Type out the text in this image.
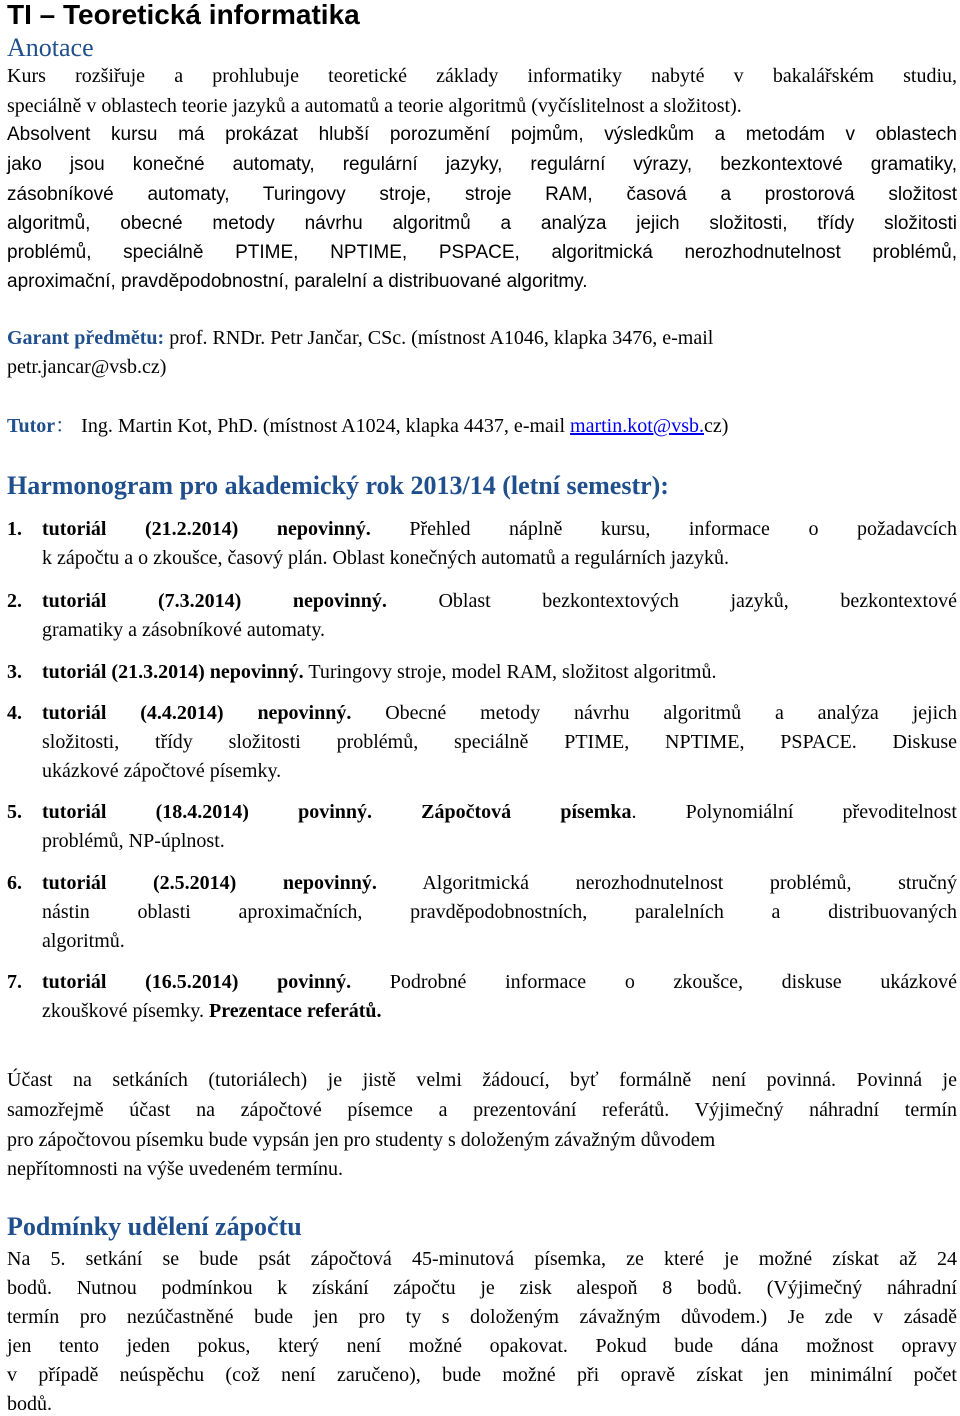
TI – Teoretická informatika

Anotace

Kurs rozšiřuje a prohlubuje teoretické základy informatiky nabyté v bakalářském studiu,

speciálně v oblastech teorie jazyků a automatů a teorie algoritmů (vyčíslitelnost a složitost).

Absolvent kursu má prokázat hlubší porozumění pojmům, výsledkům a metodám v oblastech

jako jsou konečné automaty, regulární jazyky, regulární výrazy, bezkontextové gramatiky,

zásobníkové automaty, Turingovy stroje, stroje RAM, časová a prostorová složitost

algoritmů, obecné metody návrhu algoritmů a analýza jejich složitosti, třídy složitosti

problémů, speciálně PTIME, NPTIME, PSPACE, algoritmická nerozhodnutelnost problémů,

aproximační, pravděpodobnostní, paralelní a distribuované algoritmy.

Garant předmětu: prof. RNDr. Petr Jančar, CSc. (místnost A1046, klapka 3476, e-mail

petr.jancar@vsb.cz)

Tutor： Ing. Martin Kot, PhD. (místnost A1024, klapka 4437, e-mail martin.kot@vsb.cz)

Harmonogram pro akademický rok 2013/14 (letní semestr):

1. tutoriál (21.2.2014) nepovinný. Přehled náplně kursu, informace o požadavcích

k zápočtu a o zkoušce, časový plán. Oblast konečných automatů a regulárních jazyků.

2. tutoriál (7.3.2014) nepovinný. Oblast bezkontextových jazyků, bezkontextové

gramatiky a zásobníkové automaty.

3. tutoriál (21.3.2014) nepovinný. Turingovy stroje, model RAM, složitost algoritmů.

4. tutoriál (4.4.2014) nepovinný. Obecné metody návrhu algoritmů a analýza jejich

složitosti, třídy složitosti problémů, speciálně PTIME, NPTIME, PSPACE. Diskuse

ukázkové zápočtové písemky.

5. tutoriál (18.4.2014) povinný. Zápočtová písemka. Polynomiální převoditelnost

problémů, NP-úplnost.

6. tutoriál (2.5.2014) nepovinný. Algoritmická nerozhodnutelnost problémů, stručný

nástin oblasti aproximačních, pravděpodobnostních, paralelních a distribuovaných

algoritmů.

7. tutoriál (16.5.2014) povinný. Podrobné informace o zkoušce, diskuse ukázkové

zkouškové písemky. Prezentace referátů.

Účast na setkáních (tutoriálech) je jistě velmi žádoucí, byť formálně není povinná. Povinná je

samozřejmě účast na zápočtové písemce a prezentování referátů. Výjimečný náhradní termín

pro zápočtovou písemku bude vypsán jen pro studenty s doloženým závažným důvodem

nepřítomnosti na výše uvedeném termínu.

Podmínky udělení zápočtu

Na 5. setkání se bude psát zápočtová 45-minutová písemka, ze které je možné získat až 24

bodů. Nutnou podmínkou k získání zápočtu je zisk alespoň 8 bodů. (Výjimečný náhradní

termín pro nezúčastněné bude jen pro ty s doloženým závažným důvodem.) Je zde v zásadě

jen tento jeden pokus, který není možné opakovat. Pokud bude dána možnost opravy

v případě neúspěchu (což není zaručeno), bude možné při opravě získat jen minimální počet

bodů.
